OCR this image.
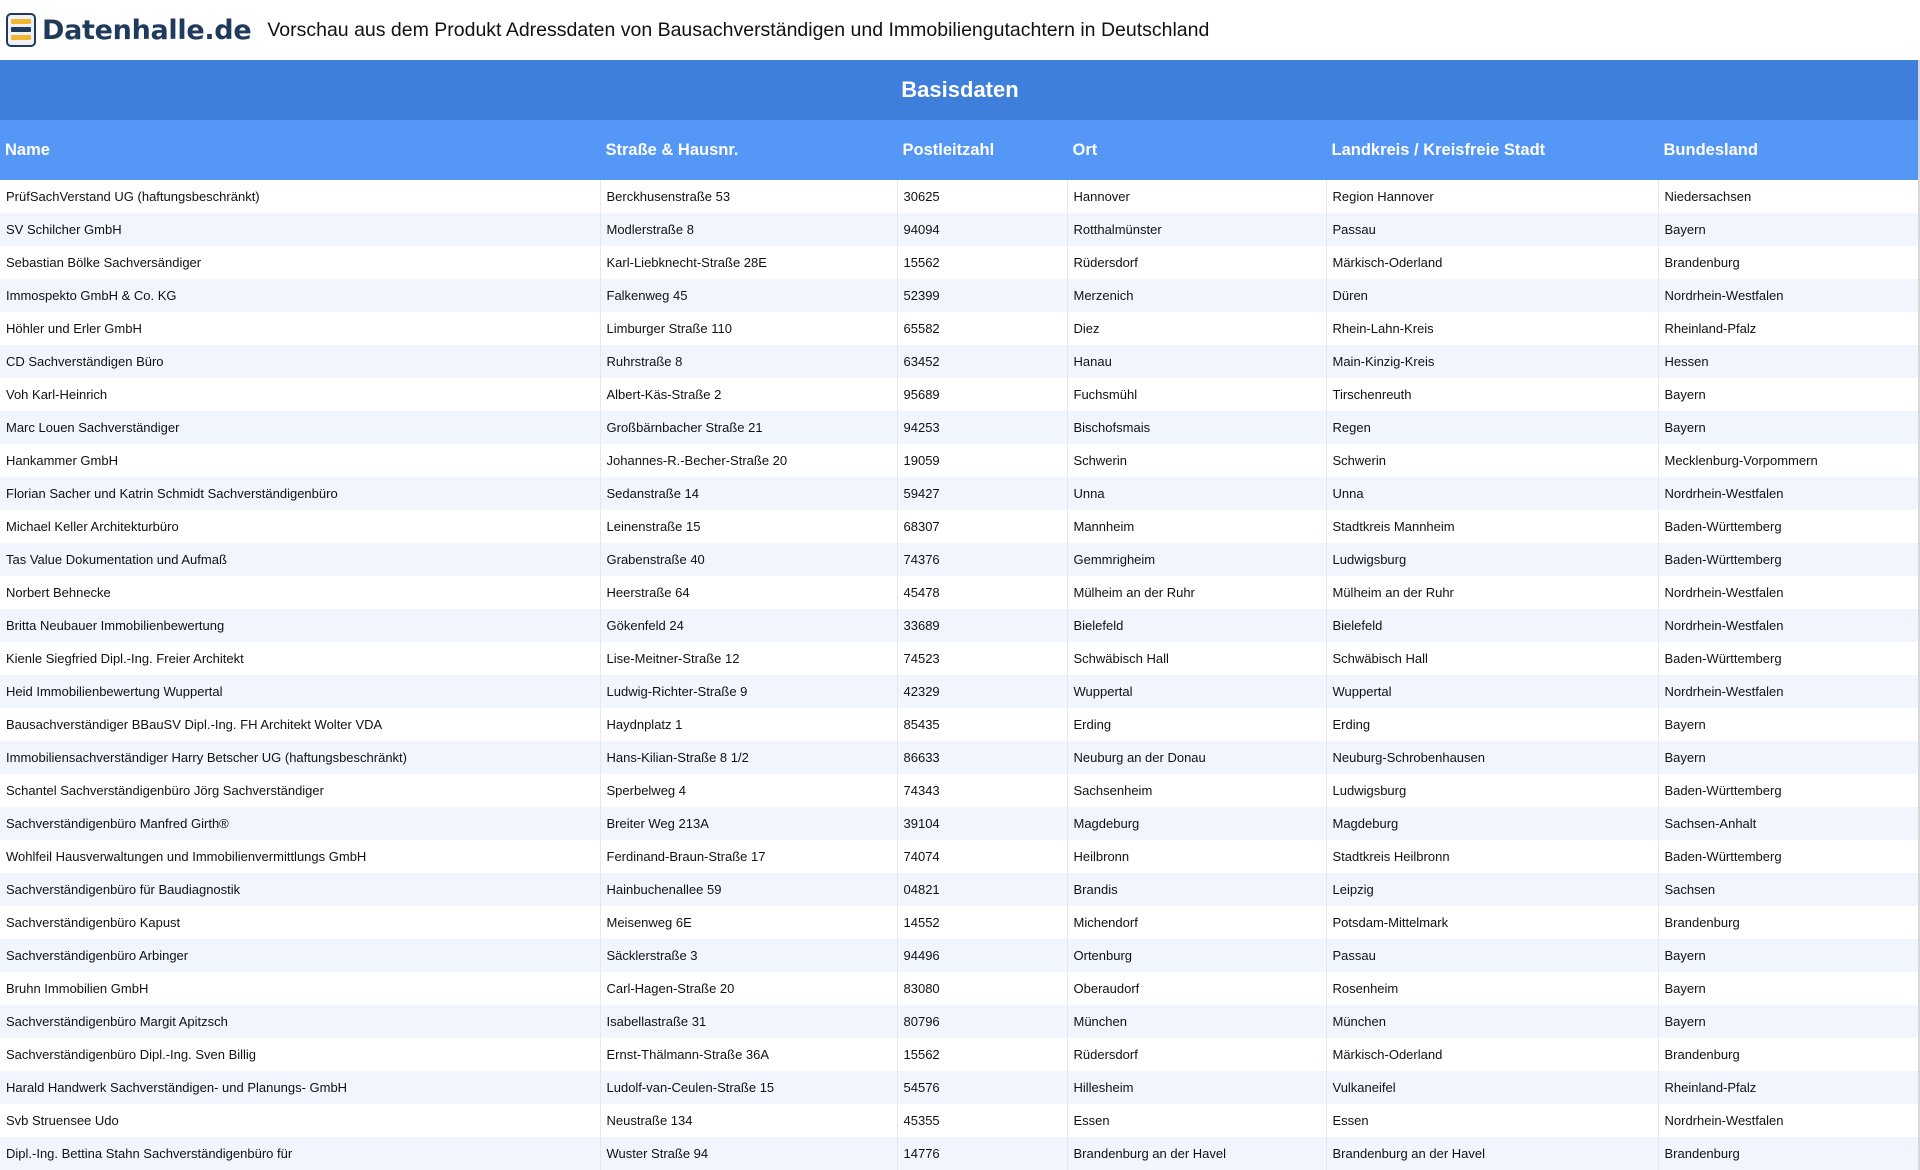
Datenhalle.de Vorschau aus dem Produkt Adressdaten von Bausachverständigen und Immobiliengutachtern in Deutschland
Basisdaten
Name	Straße & Hausnr.	Postleitzahl	Ort	Landkreis / Kreisfreie Stadt	Bundesland
PrüfSachVerstand UG (haftungsbeschränkt)	Berckhusenstraße 53	30625	Hannover	Region Hannover	Niedersachsen
SV Schilcher GmbH	Modlerstraße 8	94094	Rotthalmünster	Passau	Bayern
Sebastian Bölke Sachversändiger	Karl-Liebknecht-Straße 28E	15562	Rüdersdorf	Märkisch-Oderland	Brandenburg
Immospekto GmbH & Co. KG	Falkenweg 45	52399	Merzenich	Düren	Nordrhein-Westfalen
Höhler und Erler GmbH	Limburger Straße 110	65582	Diez	Rhein-Lahn-Kreis	Rheinland-Pfalz
CD Sachverständigen Büro	Ruhrstraße 8	63452	Hanau	Main-Kinzig-Kreis	Hessen
Voh Karl-Heinrich	Albert-Käs-Straße 2	95689	Fuchsmühl	Tirschenreuth	Bayern
Marc Louen Sachverständiger	Großbärnbacher Straße 21	94253	Bischofsmais	Regen	Bayern
Hankammer GmbH	Johannes-R.-Becher-Straße 20	19059	Schwerin	Schwerin	Mecklenburg-Vorpommern
Florian Sacher und Katrin Schmidt Sachverständigenbüro	Sedanstraße 14	59427	Unna	Unna	Nordrhein-Westfalen
Michael Keller Architekturbüro	Leinenstraße 15	68307	Mannheim	Stadtkreis Mannheim	Baden-Württemberg
Tas Value Dokumentation und Aufmaß	Grabenstraße 40	74376	Gemmrigheim	Ludwigsburg	Baden-Württemberg
Norbert Behnecke	Heerstraße 64	45478	Mülheim an der Ruhr	Mülheim an der Ruhr	Nordrhein-Westfalen
Britta Neubauer Immobilienbewertung	Gökenfeld 24	33689	Bielefeld	Bielefeld	Nordrhein-Westfalen
Kienle Siegfried Dipl.-Ing. Freier Architekt	Lise-Meitner-Straße 12	74523	Schwäbisch Hall	Schwäbisch Hall	Baden-Württemberg
Heid Immobilienbewertung Wuppertal	Ludwig-Richter-Straße 9	42329	Wuppertal	Wuppertal	Nordrhein-Westfalen
Bausachverständiger BBauSV Dipl.-Ing. FH Architekt Wolter VDA	Haydnplatz 1	85435	Erding	Erding	Bayern
Immobiliensachverständiger Harry Betscher UG (haftungsbeschränkt)	Hans-Kilian-Straße 8 1/2	86633	Neuburg an der Donau	Neuburg-Schrobenhausen	Bayern
Schantel Sachverständigenbüro Jörg Sachverständiger	Sperbelweg 4	74343	Sachsenheim	Ludwigsburg	Baden-Württemberg
Sachverständigenbüro Manfred Girth®	Breiter Weg 213A	39104	Magdeburg	Magdeburg	Sachsen-Anhalt
Wohlfeil Hausverwaltungen und Immobilienvermittlungs GmbH	Ferdinand-Braun-Straße 17	74074	Heilbronn	Stadtkreis Heilbronn	Baden-Württemberg
Sachverständigenbüro für Baudiagnostik	Hainbuchenallee 59	04821	Brandis	Leipzig	Sachsen
Sachverständigenbüro Kapust	Meisenweg 6E	14552	Michendorf	Potsdam-Mittelmark	Brandenburg
Sachverständigenbüro Arbinger	Säcklerstraße 3	94496	Ortenburg	Passau	Bayern
Bruhn Immobilien GmbH	Carl-Hagen-Straße 20	83080	Oberaudorf	Rosenheim	Bayern
Sachverständigenbüro Margit Apitzsch	Isabellastraße 31	80796	München	München	Bayern
Sachverständigenbüro Dipl.-Ing. Sven Billig	Ernst-Thälmann-Straße 36A	15562	Rüdersdorf	Märkisch-Oderland	Brandenburg
Harald Handwerk Sachverständigen- und Planungs- GmbH	Ludolf-van-Ceulen-Straße 15	54576	Hillesheim	Vulkaneifel	Rheinland-Pfalz
Svb Struensee Udo	Neustraße 134	45355	Essen	Essen	Nordrhein-Westfalen
Dipl.-Ing. Bettina Stahn Sachverständigenbüro für	Wuster Straße 94	14776	Brandenburg an der Havel	Brandenburg an der Havel	Brandenburg
